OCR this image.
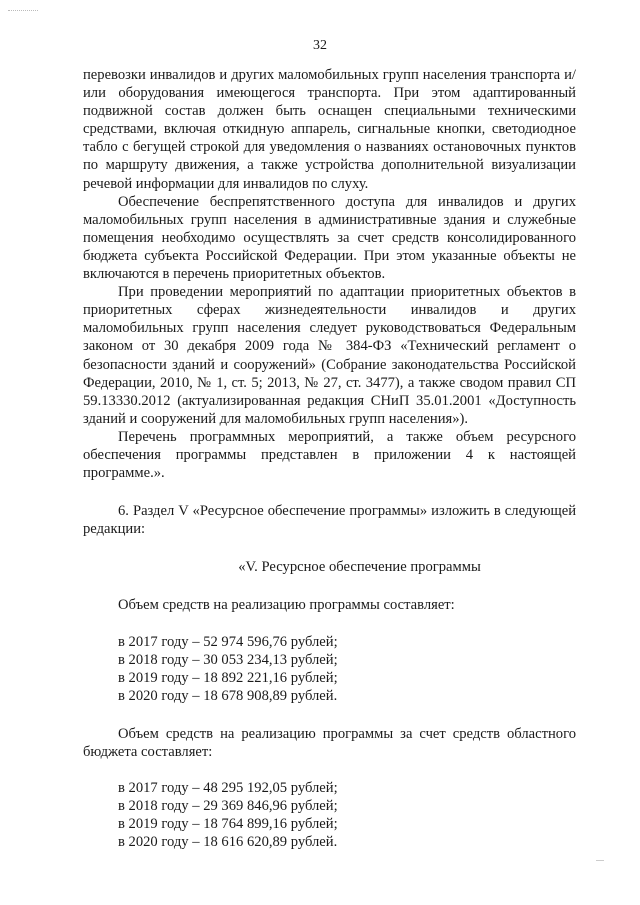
32

перевозки инвалидов и других маломобильных групп населения транспорта и/или оборудования имеющегося транспорта. При этом адаптированный подвижной состав должен быть оснащен специальными техническими средствами, включая откидную аппарель, сигнальные кнопки, светодиодное табло с бегущей строкой для уведомления о названиях остановочных пунктов по маршруту движения, а также устройства дополнительной визуализации речевой информации для инвалидов по слуху.

Обеспечение беспрепятственного доступа для инвалидов и других маломобильных групп населения в административные здания и служебные помещения необходимо осуществлять за счет средств консолидированного бюджета субъекта Российской Федерации. При этом указанные объекты не включаются в перечень приоритетных объектов.

При проведении мероприятий по адаптации приоритетных объектов в приоритетных сферах жизнедеятельности инвалидов и других маломобильных групп населения следует руководствоваться Федеральным законом от 30 декабря 2009 года № 384-ФЗ «Технический регламент о безопасности зданий и сооружений» (Собрание законодательства Российской Федерации, 2010, № 1, ст. 5; 2013, № 27, ст. 3477), а также сводом правил СП 59.13330.2012 (актуализированная редакция СНиП 35.01.2001 «Доступность зданий и сооружений для маломобильных групп населения»).

Перечень программных мероприятий, а также объем ресурсного обеспечения программы представлен в приложении 4 к настоящей программе.».

6. Раздел V «Ресурсное обеспечение программы» изложить в следующей редакции:

«V. Ресурсное обеспечение программы

Объем средств на реализацию программы составляет:

в 2017 году – 52 974 596,76 рублей;
в 2018 году – 30 053 234,13 рублей;
в 2019 году – 18 892 221,16 рублей;
в 2020 году – 18 678 908,89 рублей.

Объем средств на реализацию программы за счет средств областного бюджета составляет:

в 2017 году – 48 295 192,05 рублей;
в 2018 году – 29 369 846,96 рублей;
в 2019 году – 18 764 899,16 рублей;
в 2020 году – 18 616 620,89 рублей.
